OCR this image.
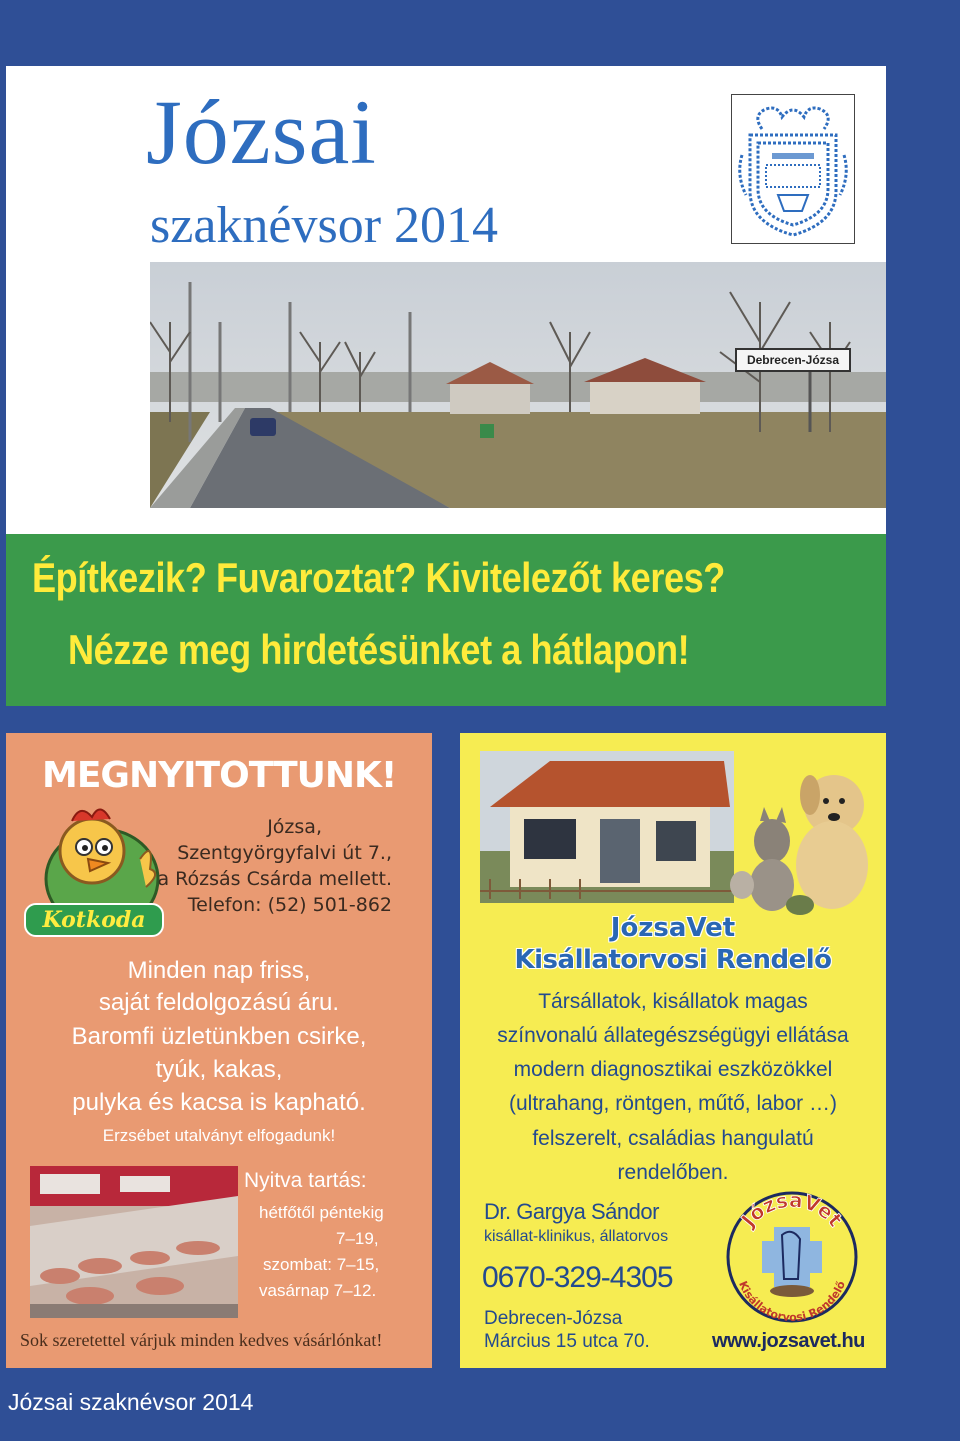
Józsai
szaknévsor 2014
Debrecen-Józsa
Építkezik? Fuvaroztat? Kivitelezőt keres?
Nézze meg hirdetésünket a hátlapon!
MEGNYITOTTUNK!
Kotkoda
Józsa,
Szentgyörgyfalvi út 7.,
a Rózsás Csárda mellett.
Telefon: (52) 501-862
Minden nap friss,
saját feldolgozású áru.
Baromfi üzletünkben csirke,
tyúk, kakas,
pulyka és kacsa is kapható.
Erzsébet utalványt elfogadunk!
Nyitva tartás:
hétfőtől péntekig
7–19,
szombat: 7–15,
vasárnap 7–12.
Sok szeretettel várjuk minden kedves vásárlónkat!
JózsaVet
Kisállatorvosi Rendelő
Társállatok, kisállatok magas
színvonalú állategészségügyi ellátása
modern diagnosztikai eszközökkel
(ultrahang, röntgen, műtő, labor …)
felszerelt, családias hangulatú
rendelőben.
Dr. Gargya Sándor
kisállat-klinikus, állatorvos
0670-329-4305
Debrecen-Józsa
Március 15 utca 70.
JózsaVet
Kisállatorvosi Rendelő
www.jozsavet.hu
Józsai szaknévsor 2014
